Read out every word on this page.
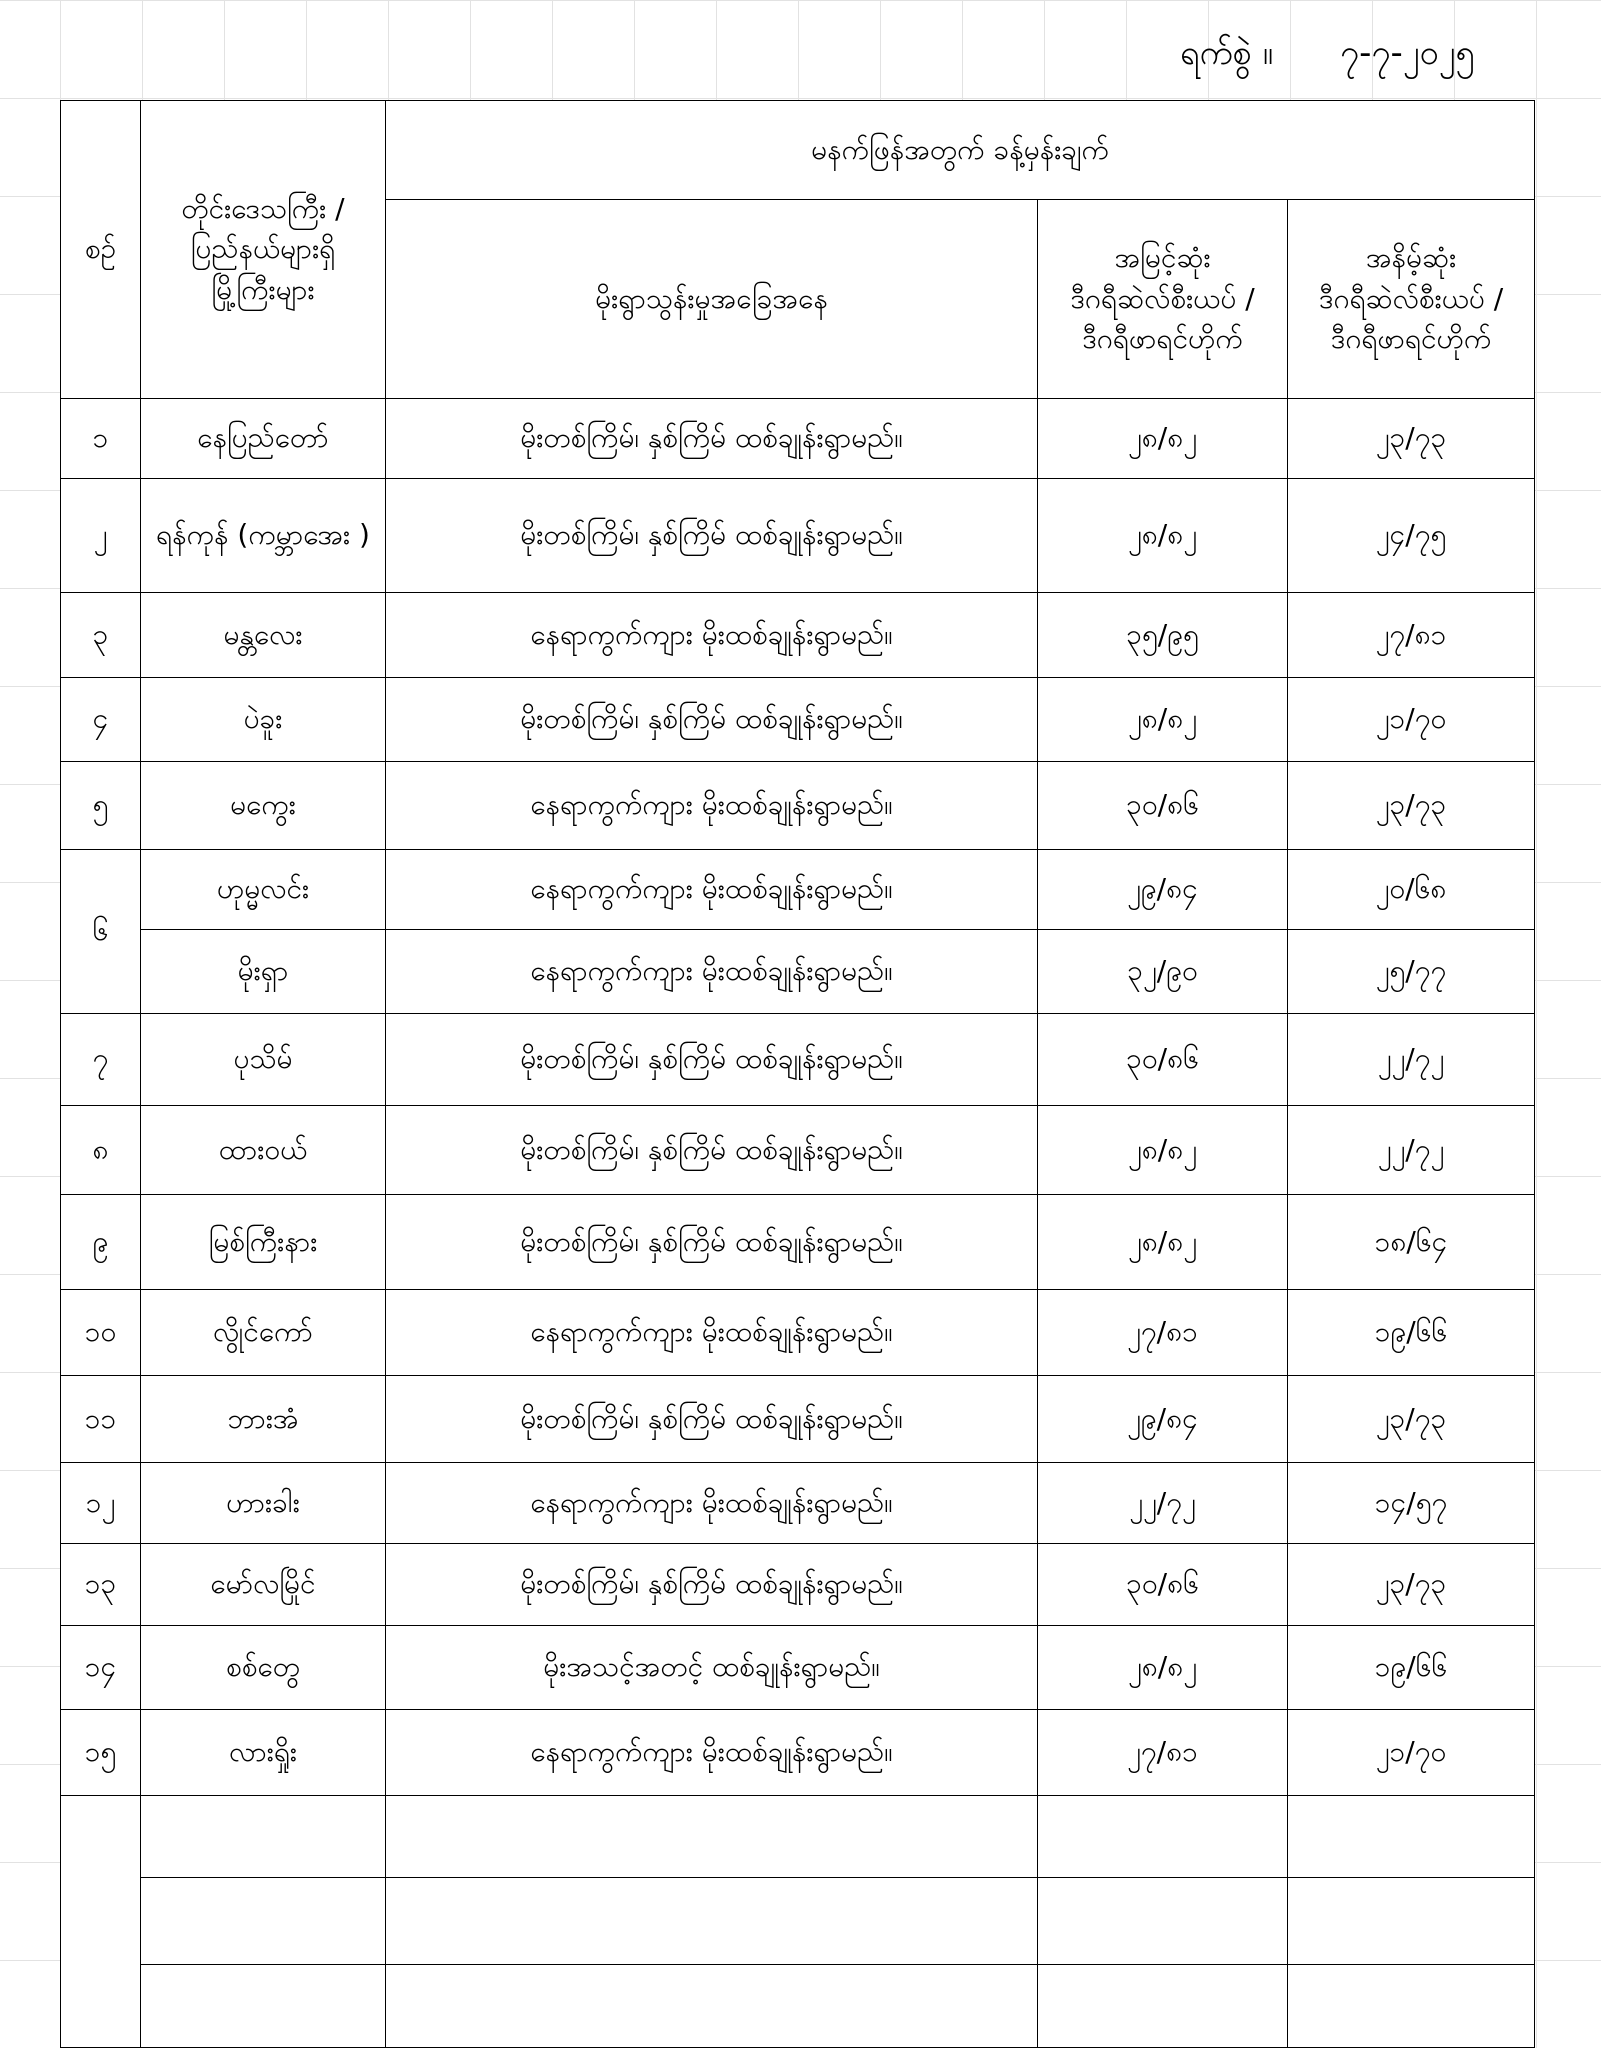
ရက်စွဲ ။ ၇-၇-၂၀၂၅
စဉ်	တိုင်းဒေသကြီး /
ပြည်နယ်များရှိ
မြို့ကြီးများ	မနက်ဖြန်အတွက် ခန့်မှန်းချက်		
		မိုးရွာသွန်းမှုအခြေအနေ	အမြင့်ဆုံး
ဒီဂရီဆဲလ်စီးယပ် /
ဒီဂရီဖာရင်ဟိုက်	အနိမ့်ဆုံး
ဒီဂရီဆဲလ်စီးယပ် /
ဒီဂရီဖာရင်ဟိုက်

၁	နေပြည်တော်	မိုးတစ်ကြိမ်၊ နှစ်ကြိမ် ထစ်ချုန်းရွာမည်။	၂၈/၈၂	၂၃/၇၃
၂	ရန်ကုန် (ကမ္ဘာအေး )	မိုးတစ်ကြိမ်၊ နှစ်ကြိမ် ထစ်ချုန်းရွာမည်။	၂၈/၈၂	၂၄/၇၅
၃	မန္တလေး	နေရာကွက်ကျား မိုးထစ်ချုန်းရွာမည်။	၃၅/၉၅	၂၇/၈၁
၄	ပဲခူး	မိုးတစ်ကြိမ်၊ နှစ်ကြိမ် ထစ်ချုန်းရွာမည်။	၂၈/၈၂	၂၁/၇၀
၅	မကွေး	နေရာကွက်ကျား မိုးထစ်ချုန်းရွာမည်။	၃၀/၈၆	၂၃/၇၃
၆	ဟုမ္မလင်း	နေရာကွက်ကျား မိုးထစ်ချုန်းရွာမည်။	၂၉/၈၄	၂၀/၆၈
	မိုးရှာ	နေရာကွက်ကျား မိုးထစ်ချုန်းရွာမည်။	၃၂/၉၀	၂၅/၇၇
၇	ပုသိမ်	မိုးတစ်ကြိမ်၊ နှစ်ကြိမ် ထစ်ချုန်းရွာမည်။	၃၀/၈၆	၂၂/၇၂
၈	ထားဝယ်	မိုးတစ်ကြိမ်၊ နှစ်ကြိမ် ထစ်ချုန်းရွာမည်။	၂၈/၈၂	၂၂/၇၂
၉	မြစ်ကြီးနား	မိုးတစ်ကြိမ်၊ နှစ်ကြိမ် ထစ်ချုန်းရွာမည်။	၂၈/၈၂	၁၈/၆၄
၁၀	လွိုင်ကော်	နေရာကွက်ကျား မိုးထစ်ချုန်းရွာမည်။	၂၇/၈၁	၁၉/၆၆
၁၁	ဘားအံ	မိုးတစ်ကြိမ်၊ နှစ်ကြိမ် ထစ်ချုန်းရွာမည်။	၂၉/၈၄	၂၃/၇၃
၁၂	ဟားခါး	နေရာကွက်ကျား မိုးထစ်ချုန်းရွာမည်။	၂၂/၇၂	၁၄/၅၇
၁၃	မော်လမြိုင်	မိုးတစ်ကြိမ်၊ နှစ်ကြိမ် ထစ်ချုန်းရွာမည်။	၃၀/၈၆	၂၃/၇၃
၁၄	စစ်တွေ	မိုးအသင့်အတင့် ထစ်ချုန်းရွာမည်။	၂၈/၈၂	၁၉/၆၆
၁၅	လားရှိုး	နေရာကွက်ကျား မိုးထစ်ချုန်းရွာမည်။	၂၇/၈၁	၂၁/၇၀
